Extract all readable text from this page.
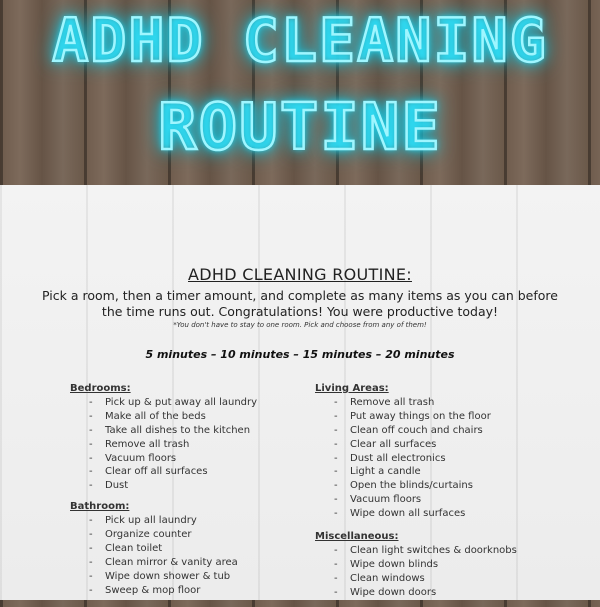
ADHD CLEANING
ROUTINE
ADHD CLEANING ROUTINE:
Pick a room, then a timer amount, and complete as many items as you can before the time runs out. Congratulations! You were productive today!
*You don't have to stay to one room. Pick and choose from any of them!
5 minutes – 10 minutes – 15 minutes – 20 minutes
Bedrooms:
- Pick up & put away all laundry
- Make all of the beds
- Take all dishes to the kitchen
- Remove all trash
- Vacuum floors
- Clear off all surfaces
- Dust
Bathroom:
- Pick up all laundry
- Organize counter
- Clean toilet
- Clean mirror & vanity area
- Wipe down shower & tub
- Sweep & mop floor
Living Areas:
- Remove all trash
- Put away things on the floor
- Clean off couch and chairs
- Clear all surfaces
- Dust all electronics
- Light a candle
- Open the blinds/curtains
- Vacuum floors
- Wipe down all surfaces
Miscellaneous:
- Clean light switches & doorknobs
- Wipe down blinds
- Clean windows
- Wipe down doors
